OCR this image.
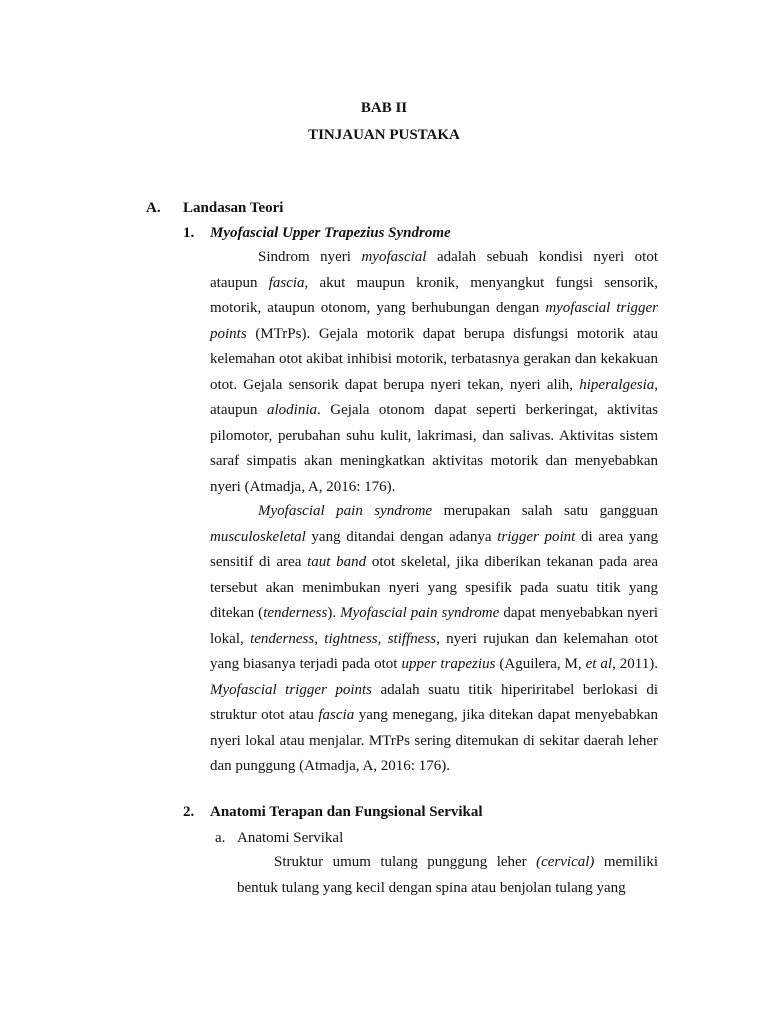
BAB II
TINJAUAN PUSTAKA
A. Landasan Teori
1. Myofascial Upper Trapezius Syndrome

Sindrom nyeri myofascial adalah sebuah kondisi nyeri otot ataupun fascia, akut maupun kronik, menyangkut fungsi sensorik, motorik, ataupun otonom, yang berhubungan dengan myofascial trigger points (MTrPs). Gejala motorik dapat berupa disfungsi motorik atau kelemahan otot akibat inhibisi motorik, terbatasnya gerakan dan kekakuan otot. Gejala sensorik dapat berupa nyeri tekan, nyeri alih, hiperalgesia, ataupun alodinia. Gejala otonom dapat seperti berkeringat, aktivitas pilomotor, perubahan suhu kulit, lakrimasi, dan salivas. Aktivitas sistem saraf simpatis akan meningkatkan aktivitas motorik dan menyebabkan nyeri (Atmadja, A, 2016: 176).

Myofascial pain syndrome merupakan salah satu gangguan musculoskeletal yang ditandai dengan adanya trigger point di area yang sensitif di area taut band otot skeletal, jika diberikan tekanan pada area tersebut akan menimbukan nyeri yang spesifik pada suatu titik yang ditekan (tenderness). Myofascial pain syndrome dapat menyebabkan nyeri lokal, tenderness, tightness, stiffness, nyeri rujukan dan kelemahan otot yang biasanya terjadi pada otot upper trapezius (Aguilera, M, et al, 2011). Myofascial trigger points adalah suatu titik hiperiritabel berlokasi di struktur otot atau fascia yang menegang, jika ditekan dapat menyebabkan nyeri lokal atau menjalar. MTrPs sering ditemukan di sekitar daerah leher dan punggung (Atmadja, A, 2016: 176).

2. Anatomi Terapan dan Fungsional Servikal
a. Anatomi Servikal

Struktur umum tulang punggung leher (cervical) memiliki bentuk tulang yang kecil dengan spina atau benjolan tulang yang
